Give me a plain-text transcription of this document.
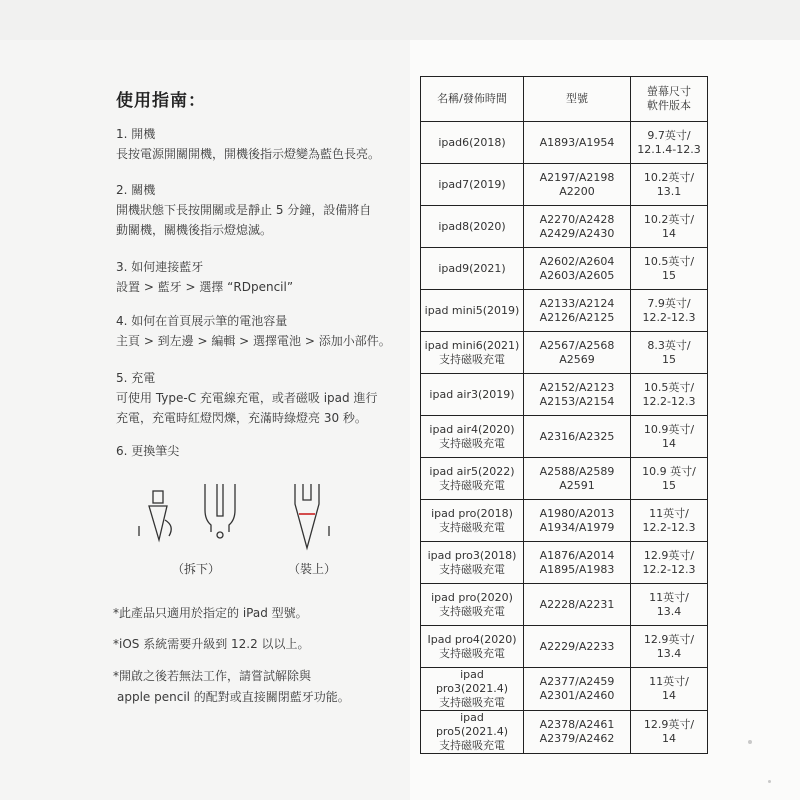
使用指南：

1. 開機

長按電源開關開機，開機後指示燈變為藍色長亮。

2. 關機

開機狀態下長按開關或是靜止 5 分鐘，設備將自

動關機，關機後指示燈熄滅。

3. 如何連接藍牙

設置 > 藍牙 > 選擇 “RDpencil”

4. 如何在首頁展示筆的電池容量

主頁 > 到左邊 > 編輯 > 選擇電池 > 添加小部件。

5. 充電

可使用 Type-C 充電線充電，或者磁吸 ipad 進行

充電，充電時紅燈閃爍，充滿時綠燈亮 30 秒。

6. 更換筆尖

（拆下）	（裝上）

*此產品只適用於指定的 iPad 型號。

*iOS 系統需要升級到 12.2 以以上。

*開啟之後若無法工作，請嘗試解除與

apple pencil 的配對或直接關閉藍牙功能。

名稱/發佈時間	型號	螢幕尺寸
軟件版本

ipad6(2018)	A1893/A1954	9.7英寸/
12.1.4-12.3

ipad7(2019)	A2197/A2198
A2200	10.2英寸/
13.1

ipad8(2020)	A2270/A2428
A2429/A2430	10.2英寸/
14

ipad9(2021)	A2602/A2604
A2603/A2605	10.5英寸/
15

ipad mini5(2019)	A2133/A2124
A2126/A2125	7.9英寸/
12.2-12.3

ipad mini6(2021)
支持磁吸充電	A2567/A2568
A2569	8.3英寸/
15

ipad air3(2019)	A2152/A2123
A2153/A2154	10.5英寸/
12.2-12.3

ipad air4(2020)
支持磁吸充電	A2316/A2325	10.9英寸/
14

ipad air5(2022)
支持磁吸充電	A2588/A2589
A2591	10.9 英寸/
15

ipad pro(2018)
支持磁吸充電	A1980/A2013
A1934/A1979	11英寸/
12.2-12.3

ipad pro3(2018)
支持磁吸充電	A1876/A2014
A1895/A1983	12.9英寸/
12.2-12.3

ipad pro(2020)
支持磁吸充電	A2228/A2231	11英寸/
13.4

Ipad pro4(2020)
支持磁吸充電	A2229/A2233	12.9英寸/
13.4

ipad pro3(2021.4)
支持磁吸充電	A2377/A2459
A2301/A2460	11英寸/
14

ipad pro5(2021.4)
支持磁吸充電	A2378/A2461
A2379/A2462	12.9英寸/
14
